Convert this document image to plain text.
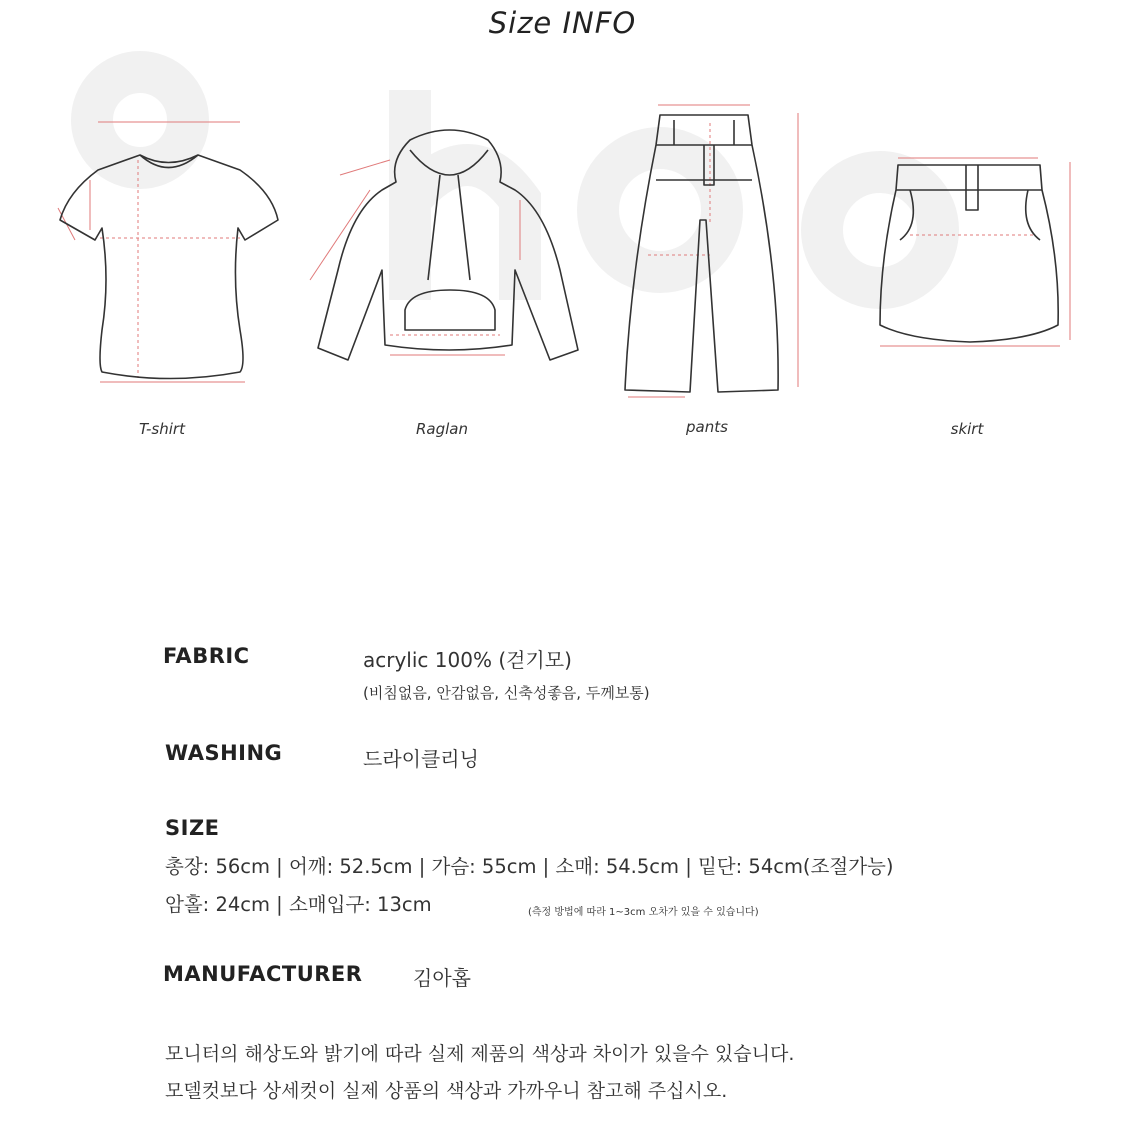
Size INFO
T-shirt	Raglan	pants	skirt
FABRIC	acrylic 100% (걷기모)
(비침없음, 안감없음, 신축성좋음, 두께보통)
WASHING	드라이클리닝
SIZE
총장: 56cm | 어깨: 52.5cm | 가슴: 55cm | 소매: 54.5cm | 밑단: 54cm(조절가능)
암홀: 24cm | 소매입구: 13cm	(측정 방법에 따라 1~3cm 오차가 있을 수 있습니다)
MANUFACTURER	김아홉
모니터의 해상도와 밝기에 따라 실제 제품의 색상과 차이가 있을수 있습니다.
모델컷보다 상세컷이 실제 상품의 색상과 가까우니 참고해 주십시오.
